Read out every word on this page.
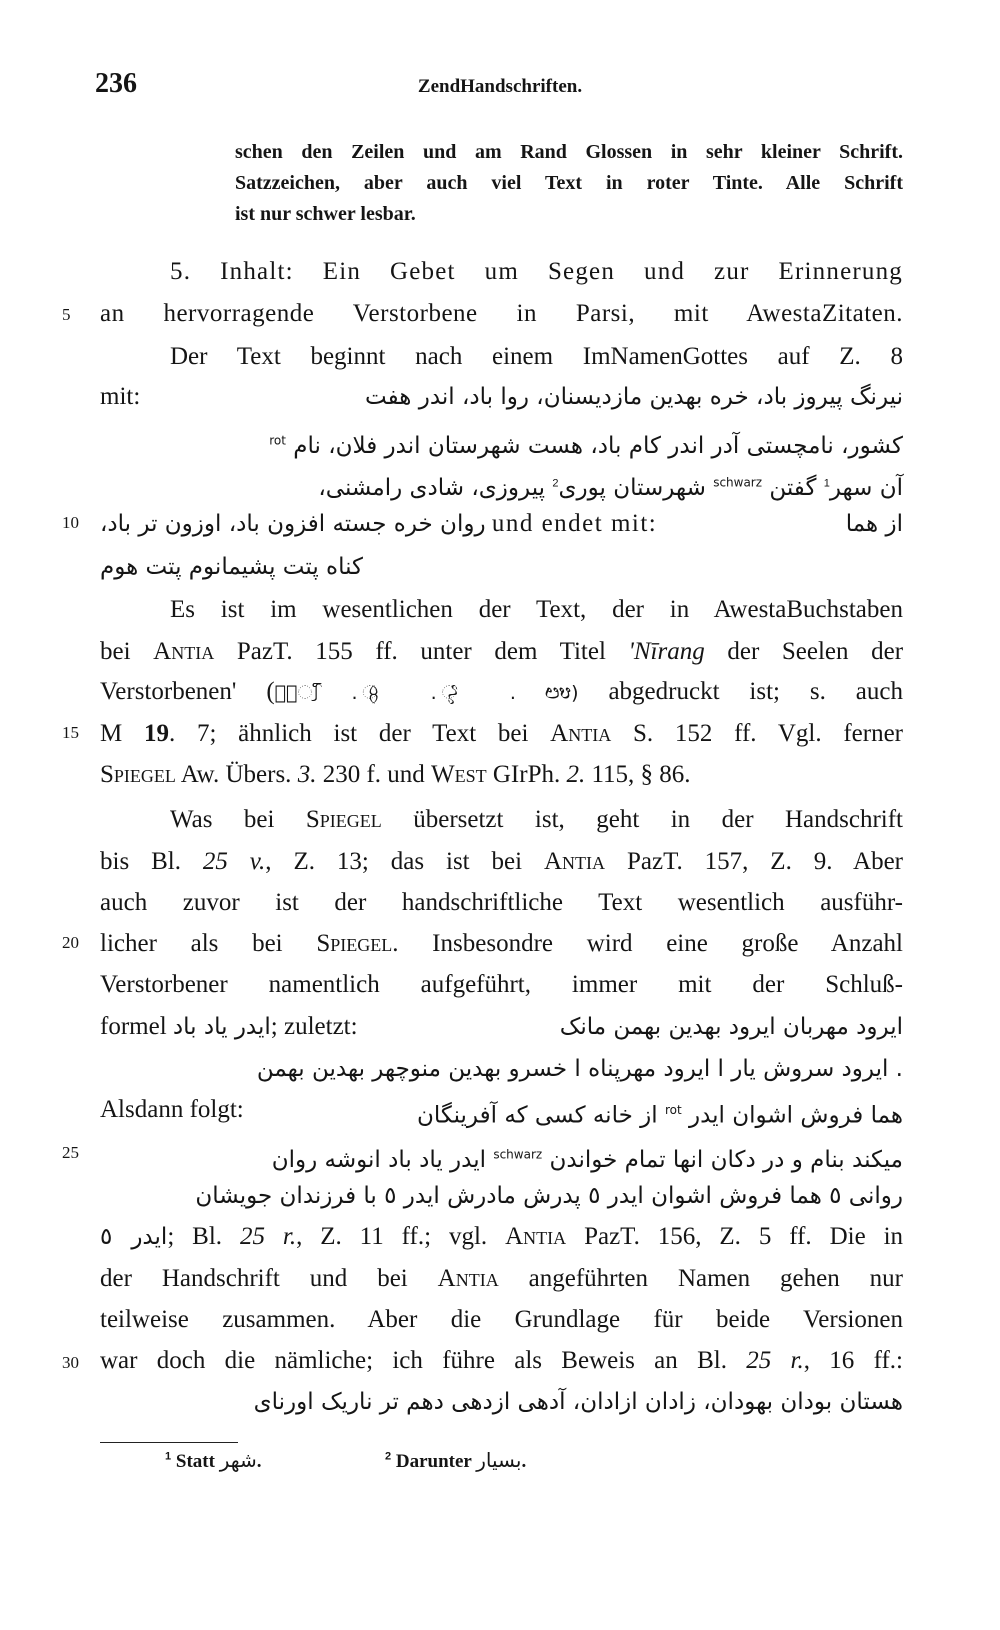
236	ZendHandschriften.
schen den Zeilen und am Rand Glossen in sehr kleiner Schrift.
Satzzeichen, aber auch viel Text in roter Tinte. Alle Schrift
ist nur schwer lesbar.
5
10
15
20
25
30
5. Inhalt: Ein Gebet um Segen und zur Erinnerung
an hervorragende Verstorbene in Parsi, mit AwestaZitaten.
Der Text beginnt nach einem ImNamenGottes auf Z. 8
mit:	نیرنگ پیروز باد، خره بهدین مازدیسنان، روا باد، اندر هفت
کشور، نامچستی آدر اندر کام باد، هست شهرستان اندر فلان، نام $^{rot}$
آن سهر$^1$ گفتن $^{schwarz}$ شهرستان پوری$^2$ پیروزی، شادی رامشنی،
روان خره جسته افزون باد، اوزون تر باد، und endet mit:	از هما
کناه پتت پشیمانوم پتت هوم
Es ist im wesentlichen der Text, der in AwestaBuchstaben
bei Antia PazT. 155 ff. unter dem Titel 'Nīrang der Seelen der
Verstorbenen' (ࢫ᳢᳡᳠ . ᳦᳥᳤᳣ . ᳨᳧ . ᳩᳪ) abgedruckt ist; s. auch
M 19. 7; ähnlich ist der Text bei Antia S. 152 ff. Vgl. ferner
Spiegel Aw. Übers. 3. 230 f. und West GIrPh. 2. 115, § 86.
Was bei Spiegel übersetzt ist, geht in der Handschrift
bis Bl. 25 v., Z. 13; das ist bei Antia PazT. 157, Z. 9. Aber
auch zuvor ist der handschriftliche Text wesentlich ausführ-
licher als bei Spiegel. Insbesondre wird eine große Anzahl
Verstorbener namentlich aufgeführt, immer mit der Schluß-
formel ایدر یاد باد; zuletzt:	ایرود مهربان ایرود بهدین بهمن مانک
. ایرود سروش یار ا ایرود مهرپناه ا خسرو بهدین منوچهر بهدین بهمن
Alsdann folgt:	هما فروش اشوان ایدر $^{rot}$ از خانه کسی که آفرینگان
میکند بنام و در دکان انها تمام خواندن $^{schwarz}$ ایدر یاد باد انوشه روان
روانی ٥ هما فروش اشوان ایدر ٥ پدرش مادرش ایدر ٥ با فرزندان جویشان
ایدر ٥; Bl. 25 r., Z. 11 ff.; vgl. Antia PazT. 156, Z. 5 ff. Die in
der Handschrift und bei Antia angeführten Namen gehen nur
teilweise zusammen. Aber die Grundlage für beide Versionen
war doch die nämliche; ich führe als Beweis an Bl. 25 r., 16 ff.:
هستان بودان بهودان، زادان ازادان، آدهی ازدهی دهم تر ناریک اورنای
$^1$ Statt شهر.	$^2$ Darunter بسیار.
